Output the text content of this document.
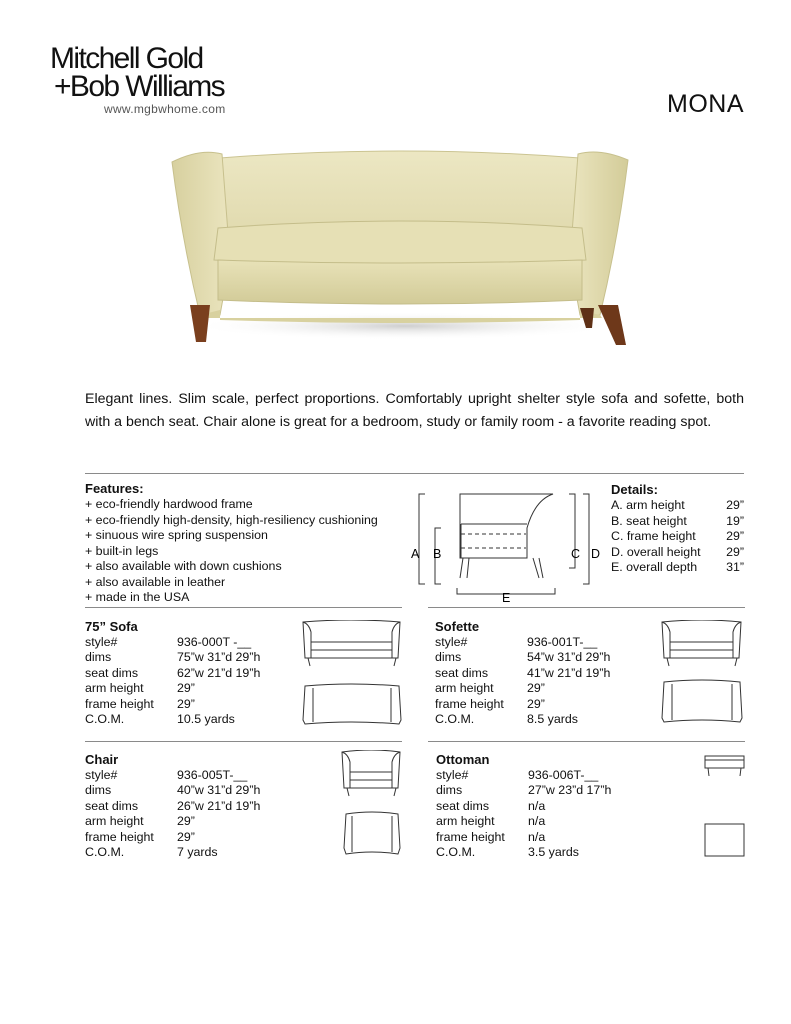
Mitchell Gold
+Bob Williams
www.mgbwhome.com	MONA
Elegant lines. Slim scale, perfect proportions. Comfortably upright shelter style sofa and sofette, both with a bench seat. Chair alone is great for a bedroom, study or family room - a favorite reading spot.
Features:
+ eco-friendly hardwood frame
+ eco-friendly high-density, high-resiliency cushioning
+ sinuous wire spring suspension
+ built-in legs
+ also available with down cushions
+ also available in leather
+ made in the USA
A B	C D
E
Details:
A. arm height	29”
B. seat height	19”
C. frame height 29”
D. overall height 29”
E. overall depth 31”
75” Sofa
style#	936-000T -__
dims	75”w 31”d 29”h
seat dims	62”w 21”d 19”h
arm height	29”
frame height	29”
C.O.M.	10.5 yards
Sofette
style#	936-001T-__
dims	54”w 31”d 29”h
seat dims	41”w 21”d 19”h
arm height	29”
frame height	29”
C.O.M.	8.5 yards
Chair
style#	936-005T-__
dims	40”w 31”d 29”h
seat dims	26”w 21”d 19”h
arm height	29”
frame height	29”
C.O.M.	7 yards
Ottoman
style#	936-006T-__
dims	27”w 23”d 17”h
seat dims	n/a
arm height	n/a
frame height	n/a
C.O.M.	3.5 yards
